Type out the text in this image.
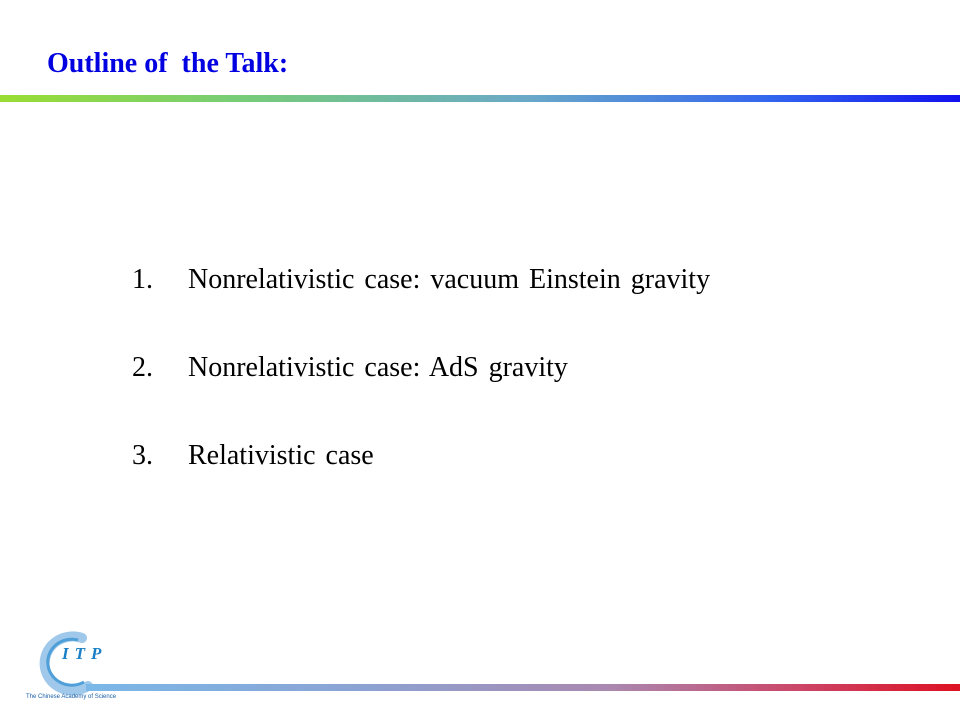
Outline of  the Talk:

1. Nonrelativistic case: vacuum Einstein gravity

2. Nonrelativistic case: AdS gravity

3. Relativistic case

ITP
The Chinese Academy of Science
